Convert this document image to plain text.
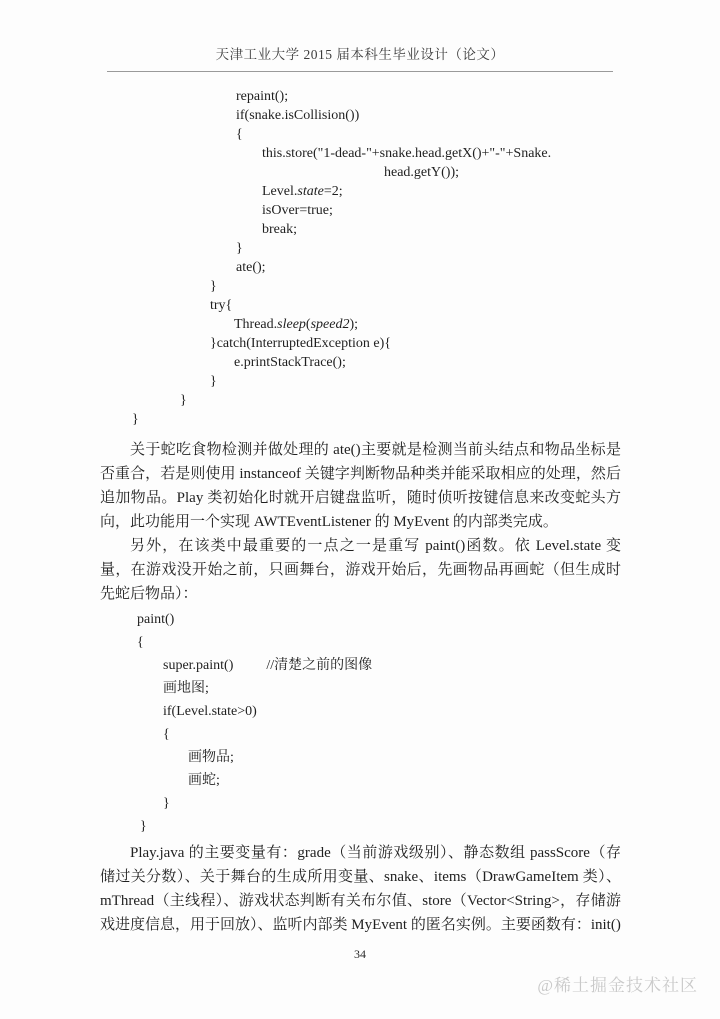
天津工业大学 2015 届本科生毕业设计（论文）
repaint();
if(snake.isCollision())
{
this.store("1-dead-"+snake.head.getX()+"-"+Snake.
head.getY());
Level.state=2;
isOver=true;
break;
}
ate();
}
try{
Thread.sleep(speed2);
}catch(InterruptedException e){
e.printStackTrace();
}
}
}

关于蛇吃食物检测并做处理的 ate()主要就是检测当前头结点和物品坐标是否重合，若是则使用 instanceof 关键字判断物品种类并能采取相应的处理，然后追加物品。Play 类初始化时就开启键盘监听，随时侦听按键信息来改变蛇头方向，此功能用一个实现 AWTEventListener 的 MyEvent 的内部类完成。

另外，在该类中最重要的一点之一是重写 paint()函数。依 Level.state 变量，在游戏没开始之前，只画舞台，游戏开始后，先画物品再画蛇（但生成时先蛇后物品）：

paint()
{
super.paint() //清楚之前的图像
画地图;
if(Level.state>0)
{
画物品;
画蛇;
}
}

Play.java 的主要变量有：grade（当前游戏级别）、静态数组 passScore（存储过关分数）、关于舞台的生成所用变量、snake、items（DrawGameItem 类）、mThread（主线程）、游戏状态判断有关布尔值、store（Vector<String>，存储游戏进度信息，用于回放）、监听内部类 MyEvent 的匿名实例。主要函数有：init()

34
@稀土掘金技术社区
